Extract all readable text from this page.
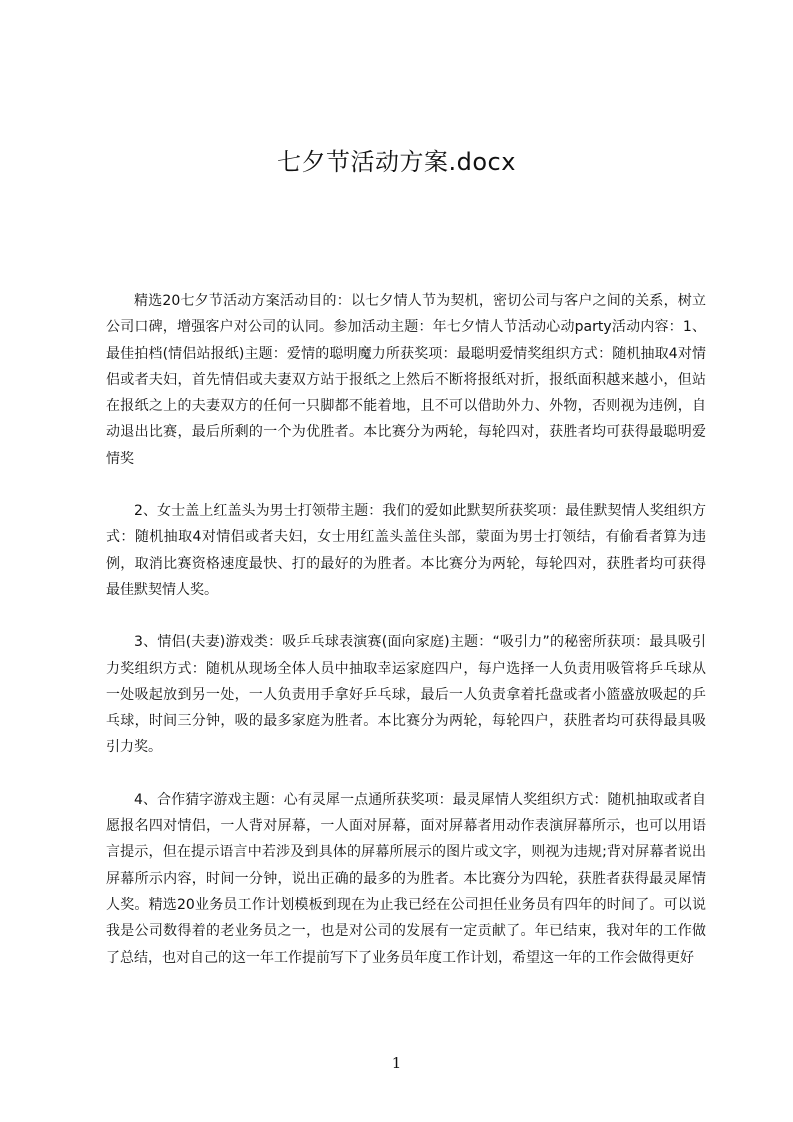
七夕节活动方案.docx

精选20七夕节活动方案活动目的：以七夕情人节为契机，密切公司与客户之间的关系，树立公司口碑，增强客户对公司的认同。参加活动主题：年七夕情人节活动心动party活动内容：1、最佳拍档(情侣站报纸)主题：爱情的聪明魔力所获奖项：最聪明爱情奖组织方式：随机抽取4对情侣或者夫妇，首先情侣或夫妻双方站于报纸之上然后不断将报纸对折，报纸面积越来越小，但站在报纸之上的夫妻双方的任何一只脚都不能着地，且不可以借助外力、外物，否则视为违例，自动退出比赛，最后所剩的一个为优胜者。本比赛分为两轮，每轮四对，获胜者均可获得最聪明爱情奖

2、女士盖上红盖头为男士打领带主题：我们的爱如此默契所获奖项：最佳默契情人奖组织方式：随机抽取4对情侣或者夫妇，女士用红盖头盖住头部，蒙面为男士打领结，有偷看者算为违例，取消比赛资格速度最快、打的最好的为胜者。本比赛分为两轮，每轮四对，获胜者均可获得最佳默契情人奖。

3、情侣(夫妻)游戏类：吸乒乓球表演赛(面向家庭)主题：“吸引力”的秘密所获项：最具吸引力奖组织方式：随机从现场全体人员中抽取幸运家庭四户，每户选择一人负责用吸管将乒乓球从一处吸起放到另一处，一人负责用手拿好乒乓球，最后一人负责拿着托盘或者小篮盛放吸起的乒乓球，时间三分钟，吸的最多家庭为胜者。本比赛分为两轮，每轮四户，获胜者均可获得最具吸引力奖。

4、合作猜字游戏主题：心有灵犀一点通所获奖项：最灵犀情人奖组织方式：随机抽取或者自愿报名四对情侣，一人背对屏幕，一人面对屏幕，面对屏幕者用动作表演屏幕所示，也可以用语言提示，但在提示语言中若涉及到具体的屏幕所展示的图片或文字，则视为违规;背对屏幕者说出屏幕所示内容，时间一分钟，说出正确的最多的为胜者。本比赛分为四轮，获胜者获得最灵犀情人奖。精选20业务员工作计划模板到现在为止我已经在公司担任业务员有四年的时间了。可以说我是公司数得着的老业务员之一，也是对公司的发展有一定贡献了。年已结束，我对年的工作做了总结，也对自己的这一年工作提前写下了业务员年度工作计划，希望这一年的工作会做得更好

1
